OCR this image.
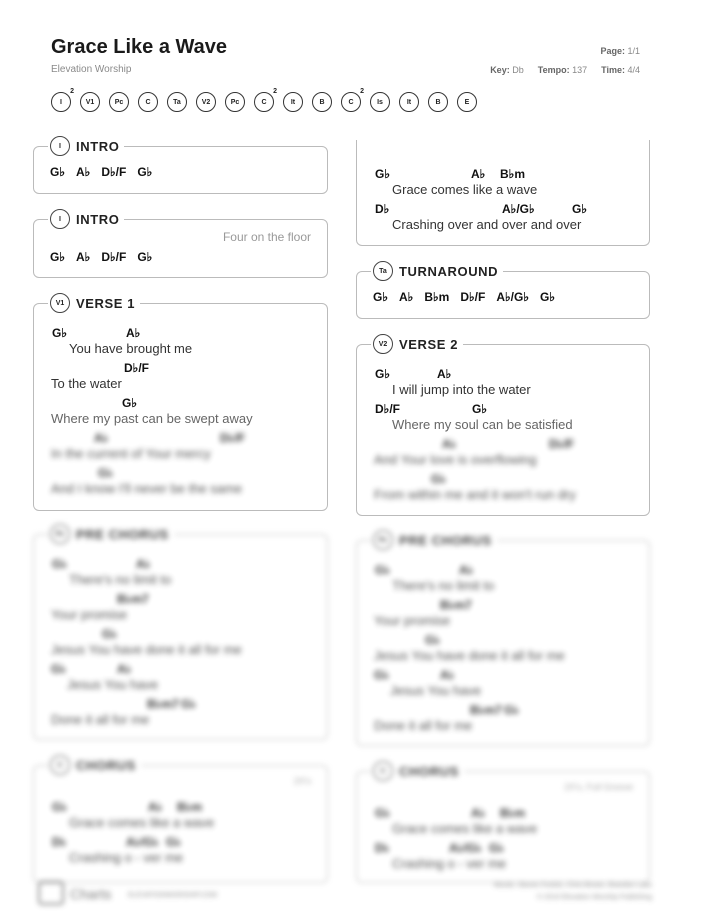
Grace Like a Wave
Elevation Worship
Page: 1/1
Key: Db Tempo: 137 Time: 4/4
I
2
V1	Pc	C	Ta	V2	Pc	C
2
It	B	C
2
Is	It	B	E
I	INTRO
G♭ A♭ D♭/F G♭
I	INTRO
Four on the floor
G♭ A♭ D♭/F G♭
V1 VERSE 1
G♭	A♭
You have brought me
D♭/F
To the water
G♭
Where my past can be swept away
A♭	D♭/F
In the current of Your mercy
G♭
And I know I'll never be the same
Pc PRE CHORUS
G♭	A♭
There's no limit to
B♭m7
Your promise
G♭
Jesus You have done it all for me
G♭	A♭
Jesus You have
B♭m7 G♭
Done it all for me
C	CHORUS
2X's
G♭	A♭ B♭m
Grace comes like a wave
D♭	A♭/G♭ G♭
Crashing o - ver me
G♭	A♭ B♭m
Grace comes like a wave
D♭	A♭/G♭	G♭
Crashing over and over and over
Ta TURNAROUND
G♭ A♭ B♭m D♭/F A♭/G♭ G♭
V2 VERSE 2
G♭	A♭
I will jump into the water
D♭/F	G♭
Where my soul can be satisfied
A♭	D♭/F
And Your love is overflowing
G♭
From within me and it won't run dry
Pc PRE CHORUS
G♭	A♭
There's no limit to
B♭m7
Your promise
G♭
Jesus You have done it all for me
G♭	A♭
Jesus You have
B♭m7 G♭
Done it all for me
C	CHORUS
2X's, Full Groove
G♭	A♭ B♭m
Grace comes like a wave
D♭	A♭/G♭ G♭
Crashing o - ver me
Charts ELEVATIONWORSHIP.COM
Words: Steven Furtick, Chris Brown, Brandon Lake
© 2019 Elevation Worship Publishing
